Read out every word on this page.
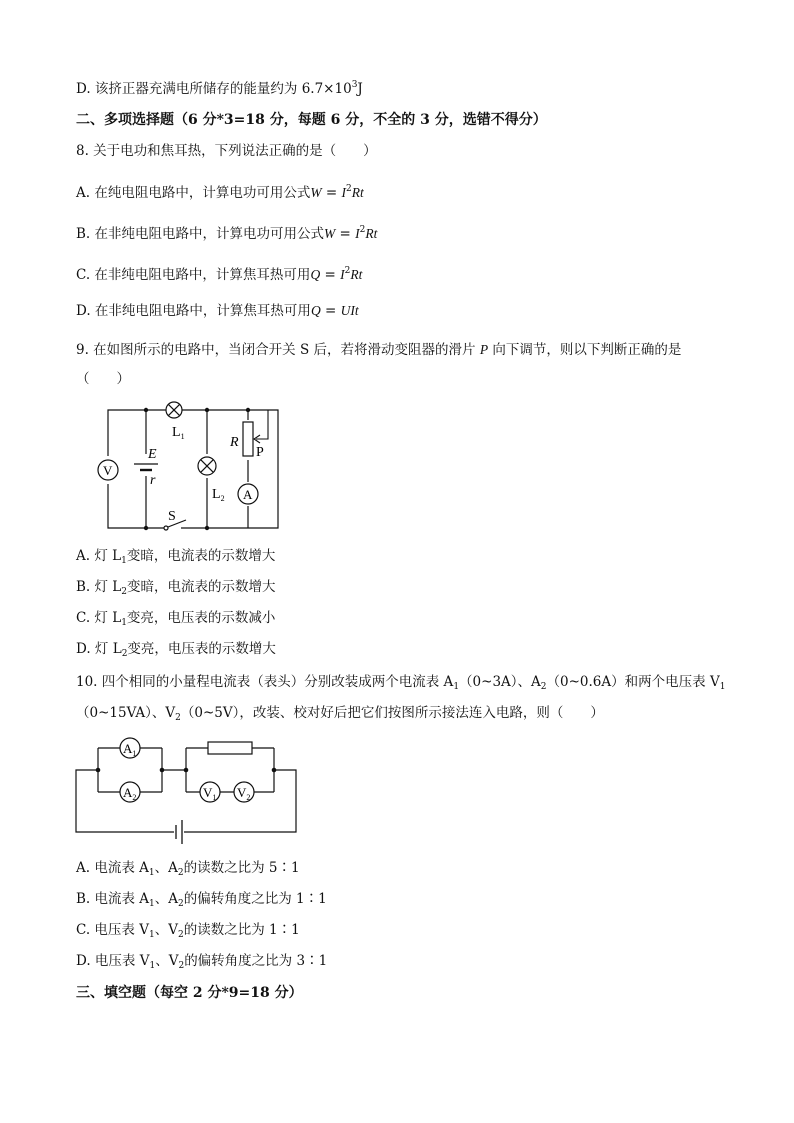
D. 该挤正器充满电所储存的能量约为 $6.7\times 10^3J$
二、多项选择题（6 分*3=18 分，每题 6 分，不全的 3 分，选错不得分）
8. 关于电功和焦耳热，下列说法正确的是（　　）
A. 在纯电阻电路中，计算电功可用公式$W = I^2Rt$
B. 在非纯电阻电路中，计算电功可用公式$W = I^2Rt$
C. 在非纯电阻电路中，计算焦耳热可用$Q = I^2Rt$
D. 在非纯电阻电路中，计算焦耳热可用Q = UIt
9. 在如图所示的电路中，当闭合开关 S 后，若将滑动变阻器的滑片 P 向下调节，则以下判断正确的是
（　　）
$L_1$
V
E
r
$L_2$
R
P
A
S
A. 灯 $L_1$变暗，电流表的示数增大
B. 灯 $L_2$变暗，电流表的示数增大
C. 灯 $L_1$变亮，电压表的示数减小
D. 灯 $L_2$变亮，电压表的示数增大
10. 四个相同的小量程电流表（表头）分别改装成两个电流表 $A_1(0\sim 3A)$、$A_2(0\sim 0.6A)$和两个电压表 $V_1$
（0~15VA）、$V_2(0\sim 5V)$，改装、校对好后把它们按图所示接法连入电路，则（　　）
$A_1$
$A_2$	$V_1$ $V_2$
A. 电流表 $A_1$、$A_2$的读数之比为 5∶1
B. 电流表 $A_1$、$A_2$的偏转角度之比为 1∶1
C. 电压表 $V_1$、$V_2$的读数之比为 1∶1
D. 电压表 $V_1$、$V_2$的偏转角度之比为 3∶1
三、填空题（每空 2 分*9=18 分）
